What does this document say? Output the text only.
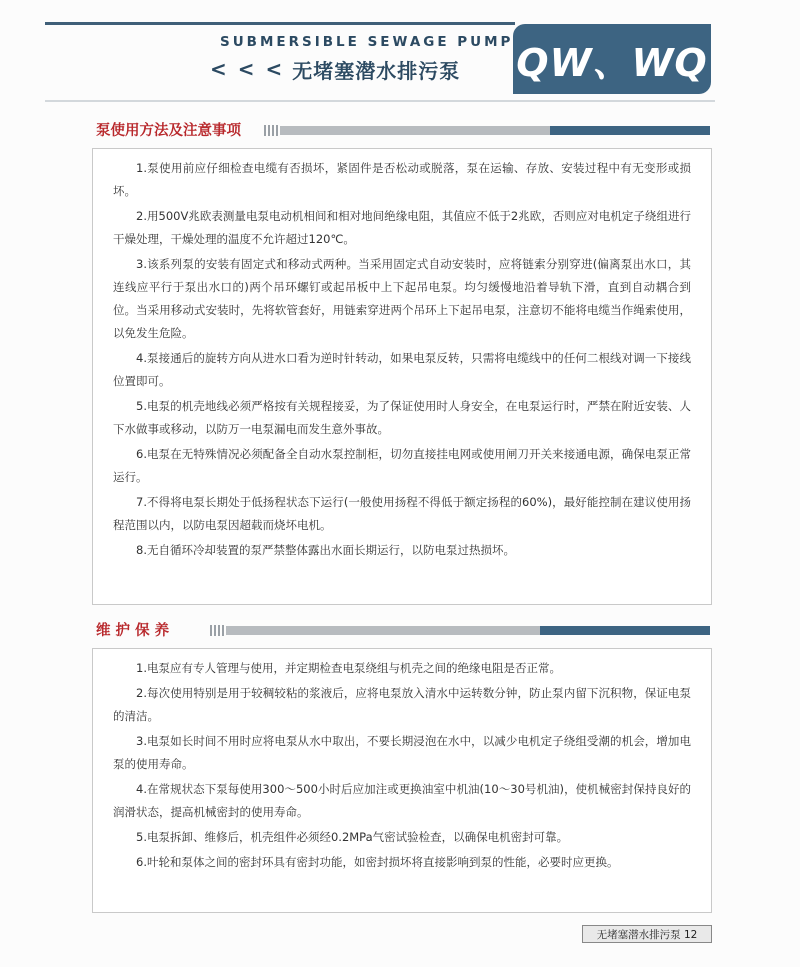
SUBMERSIBLE SEWAGE PUMP
< < < 无堵塞潜水排污泵 QW、WQ
泵使用方法及注意事项

1.泵使用前应仔细检查电缆有否损坏，紧固件是否松动或脱落，泵在运输、存放、安装过程中有无变形或损坏。

2.用500V兆欧表测量电泵电动机相间和相对地间绝缘电阻，其值应不低于2兆欧，否则应对电机定子绕组进行干燥处理，干燥处理的温度不允许超过120℃。

3.该系列泵的安装有固定式和移动式两种。当采用固定式自动安装时，应将链索分别穿进(偏离泵出水口，其连线应平行于泵出水口的)两个吊环螺钉或起吊板中上下起吊电泵。均匀缓慢地沿着导轨下滑，直到自动耦合到位。当采用移动式安装时，先将软管套好，用链索穿进两个吊环上下起吊电泵，注意切不能将电缆当作绳索使用，以免发生危险。

4.泵接通后的旋转方向从进水口看为逆时针转动，如果电泵反转，只需将电缆线中的任何二根线对调一下接线位置即可。

5.电泵的机壳地线必须严格按有关规程接妥，为了保证使用时人身安全，在电泵运行时，严禁在附近安装、人下水做事或移动，以防万一电泵漏电而发生意外事故。

6.电泵在无特殊情况必须配备全自动水泵控制柜，切勿直接挂电网或使用闸刀开关来接通电源，确保电泵正常运行。

7.不得将电泵长期处于低扬程状态下运行(一般使用扬程不得低于额定扬程的60%)，最好能控制在建议使用扬程范围以内，以防电泵因超载而烧坏电机。

8.无自循环冷却装置的泵严禁整体露出水面长期运行，以防电泵过热损坏。

维 护 保 养

1.电泵应有专人管理与使用，并定期检查电泵绕组与机壳之间的绝缘电阻是否正常。

2.每次使用特别是用于较稠较粘的浆液后，应将电泵放入清水中运转数分钟，防止泵内留下沉积物，保证电泵的清洁。

3.电泵如长时间不用时应将电泵从水中取出，不要长期浸泡在水中，以减少电机定子绕组受潮的机会，增加电泵的使用寿命。

4.在常规状态下泵每使用300～500小时后应加注或更换油室中机油(10～30号机油)，使机械密封保持良好的润滑状态，提高机械密封的使用寿命。

5.电泵拆卸、维修后，机壳组件必须经0.2MPa气密试验检查，以确保电机密封可靠。

6.叶轮和泵体之间的密封环具有密封功能，如密封损坏将直接影响到泵的性能，必要时应更换。

无堵塞潜水排污泵 12
